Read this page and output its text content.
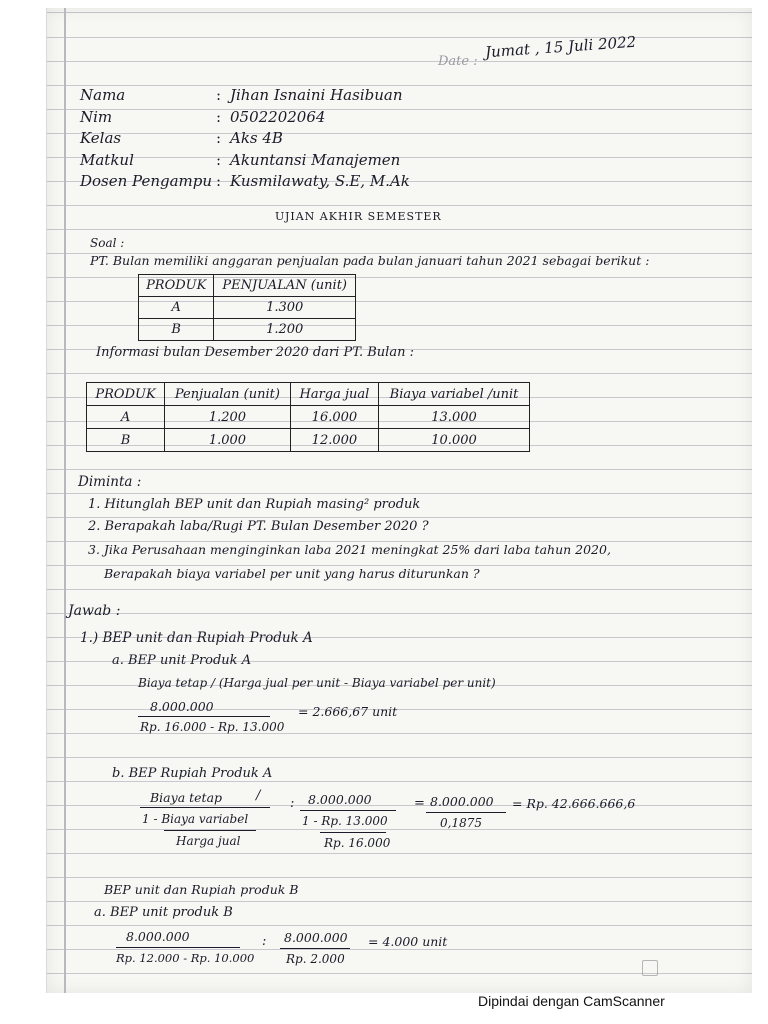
Date :
Jumat , 15 Juli 2022
Nama	: Jihan Isnaini Hasibuan
Nim	: 0502202064
Kelas	: Aks 4B
Matkul	: Akuntansi Manajemen
Dosen Pengampu : Kusmilawaty, S.E, M.Ak
UJIAN AKHIR SEMESTER
Soal :
PT. Bulan memiliki anggaran penjualan pada bulan januari tahun 2021 sebagai berikut :
PRODUK	PENJUALAN (unit)
A	1.300
B	1.200
Informasi bulan Desember 2020 dari PT. Bulan :
PRODUK	Penjualan (unit)	Harga jual	Biaya variabel /unit
A	1.200	16.000	13.000
B	1.000	12.000	10.000
Diminta :
1. Hitunglah BEP unit dan Rupiah masing² produk
2. Berapakah laba/Rugi PT. Bulan Desember 2020 ?
3. Jika Perusahaan menginginkan laba 2021 meningkat 25% dari laba tahun 2020,
Berapakah biaya variabel per unit yang harus diturunkan ?
Jawab :
1.) BEP unit dan Rupiah Produk A
a. BEP unit Produk A
Biaya tetap / (Harga jual per unit - Biaya variabel per unit)
8.000.000
Rp. 16.000 - Rp. 13.000
= 2.666,67 unit
b. BEP Rupiah Produk A
Biaya tetap	/
1 - Biaya variabel
Harga jual
: 8.000.000
1 - Rp. 13.000
Rp. 16.000
= 8.000.000
0,1875
= Rp. 42.666.666,6
BEP unit dan Rupiah produk B
a. BEP unit produk B
8.000.000
Rp. 12.000 - Rp. 10.000
: 8.000.000
Rp. 2.000
= 4.000 unit
Dipindai dengan CamScanner
